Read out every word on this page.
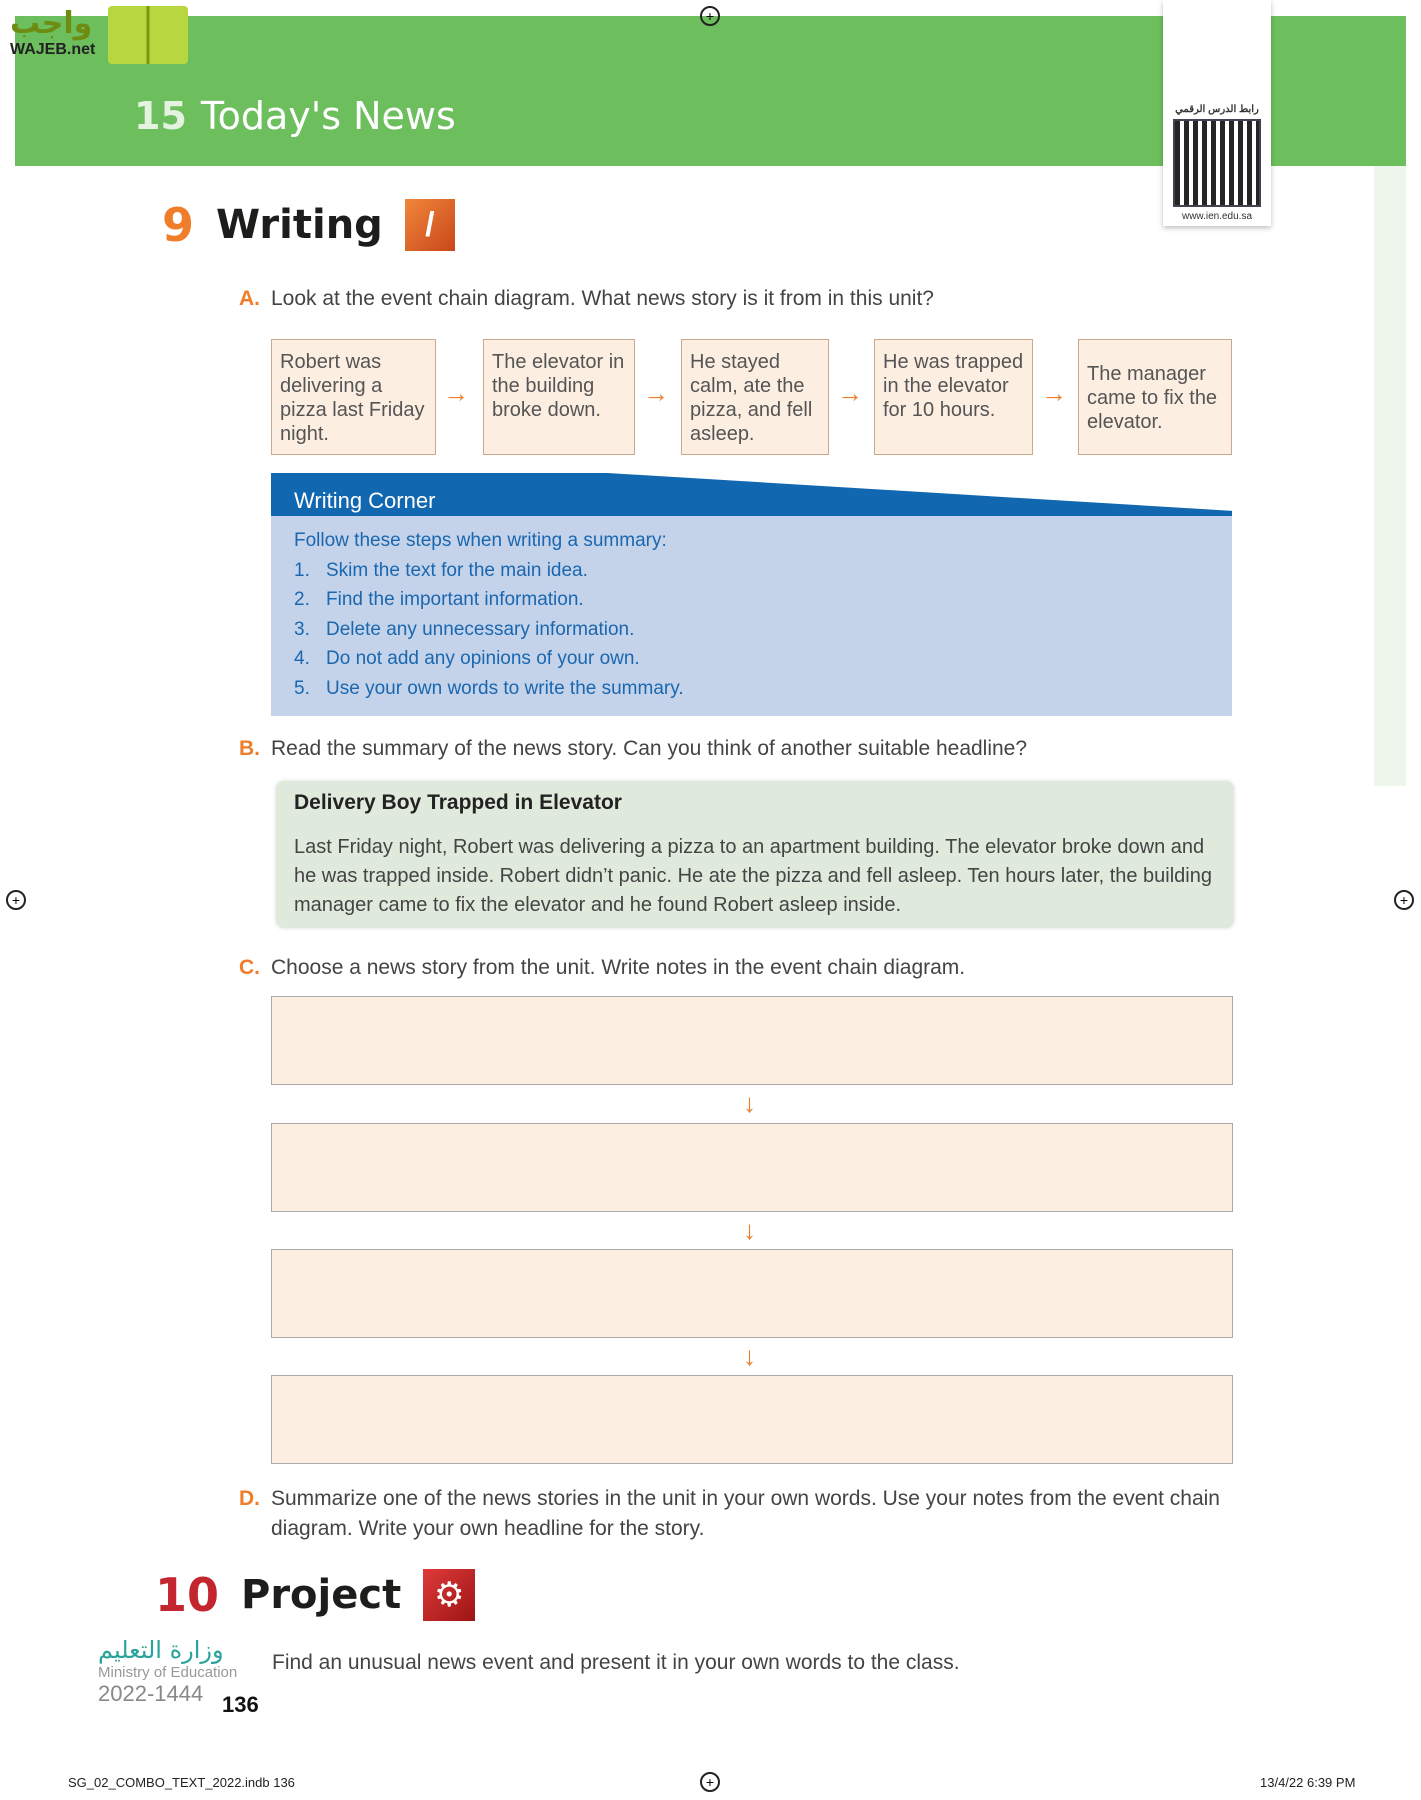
+
+	+
+
واجب
WAJEB.net
15 Today's News	رابط الدرس الرقمي
www.ien.edu.sa
9 Writing	/
A. Look at the event chain diagram. What news story is it from in this unit?
Robert was delivering a pizza last Friday night.
→
The elevator in the building broke down.
→
He stayed calm, ate the pizza, and fell asleep.
→
He was trapped in the elevator for 10 hours.
→
The manager came to fix the elevator.
Writing Corner
Follow these steps when writing a summary:
1. Skim the text for the main idea.
2. Find the important information.
3. Delete any unnecessary information.
4. Do not add any opinions of your own.
5. Use your own words to write the summary.
B. Read the summary of the news story. Can you think of another suitable headline?
Delivery Boy Trapped in Elevator

Last Friday night, Robert was delivering a pizza to an apartment building. The elevator broke down and he was trapped inside. Robert didn’t panic. He ate the pizza and fell asleep. Ten hours later, the building manager came to fix the elevator and he found Robert asleep inside.

C. Choose a news story from the unit. Write notes in the event chain diagram.
↓
↓
↓
D. Summarize one of the news stories in the unit in your own words. Use your notes from the event chain diagram. Write your own headline for the story.
10 Project ⚙
وزارة التعليم
Ministry of Education
2022-1444
Find an unusual news event and present it in your own words to the class.
136
SG_02_COMBO_TEXT_2022.indb 136	13/4/22 6:39 PM
